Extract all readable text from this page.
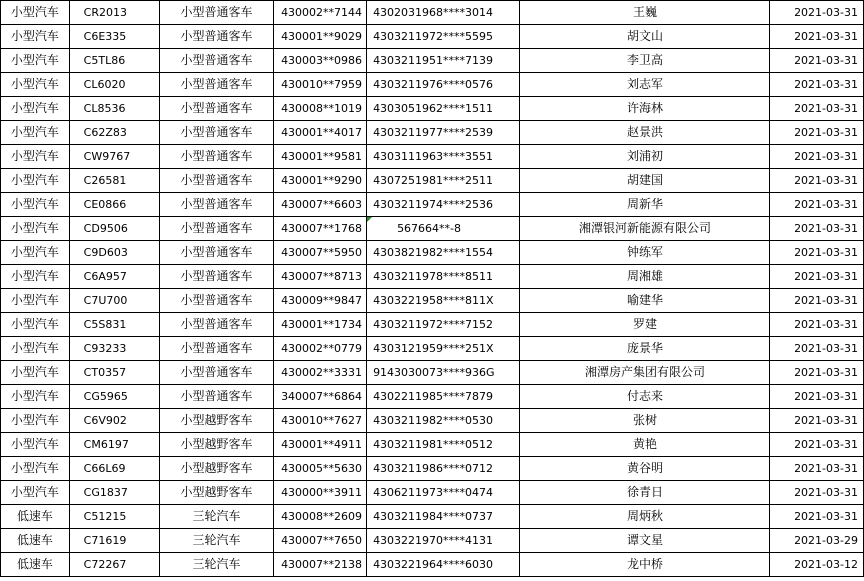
小型汽车	CR2013	小型普通客车	430002**7144	4302031968****3014	王巍	2021-03-31
小型汽车	C6E335	小型普通客车	430001**9029	4303211972****5595	胡文山	2021-03-31
小型汽车	C5TL86	小型普通客车	430003**0986	4303211951****7139	李卫高	2021-03-31
小型汽车	CL6020	小型普通客车	430010**7959	4303211976****0576	刘志军	2021-03-31
小型汽车	CL8536	小型普通客车	430008**1019	4303051962****1511	许海林	2021-03-31
小型汽车	C62Z83	小型普通客车	430001**4017	4303211977****2539	赵景洪	2021-03-31
小型汽车	CW9767	小型普通客车	430001**9581	4303111963****3551	刘浦初	2021-03-31
小型汽车	C26581	小型普通客车	430001**9290	4307251981****2511	胡建国	2021-03-31
小型汽车	CE0866	小型普通客车	430007**6603	4303211974****2536	周新华	2021-03-31
小型汽车	CD9506	小型普通客车	430007**1768	567664**-8	湘潭银河新能源有限公司	2021-03-31
小型汽车	C9D603	小型普通客车	430007**5950	4303821982****1554	钟练军	2021-03-31
小型汽车	C6A957	小型普通客车	430007**8713	4303211978****8511	周湘雄	2021-03-31
小型汽车	C7U700	小型普通客车	430009**9847	4303221958****811X	喻建华	2021-03-31
小型汽车	C5S831	小型普通客车	430001**1734	4303211972****7152	罗建	2021-03-31
小型汽车	C93233	小型普通客车	430002**0779	4303121959****251X	庞景华	2021-03-31
小型汽车	CT0357	小型普通客车	430002**3331	9143030073****936G	湘潭房产集团有限公司	2021-03-31
小型汽车	CG5965	小型普通客车	340007**6864	4302211985****7879	付志来	2021-03-31
小型汽车	C6V902	小型越野客车	430010**7627	4303211982****0530	张树	2021-03-31
小型汽车	CM6197	小型越野客车	430001**4911	4303211981****0512	黄艳	2021-03-31
小型汽车	C66L69	小型越野客车	430005**5630	4303211986****0712	黄谷明	2021-03-31
小型汽车	CG1837	小型越野客车	430000**3911	4306211973****0474	徐青日	2021-03-31
低速车	C51215	三轮汽车	430008**2609	4303211984****0737	周炳秋	2021-03-31
低速车	C71619	三轮汽车	430007**7650	4303221970****4131	谭文星	2021-03-29
低速车	C72267	三轮汽车	430007**2138	4303221964****6030	龙中桥	2021-03-12
